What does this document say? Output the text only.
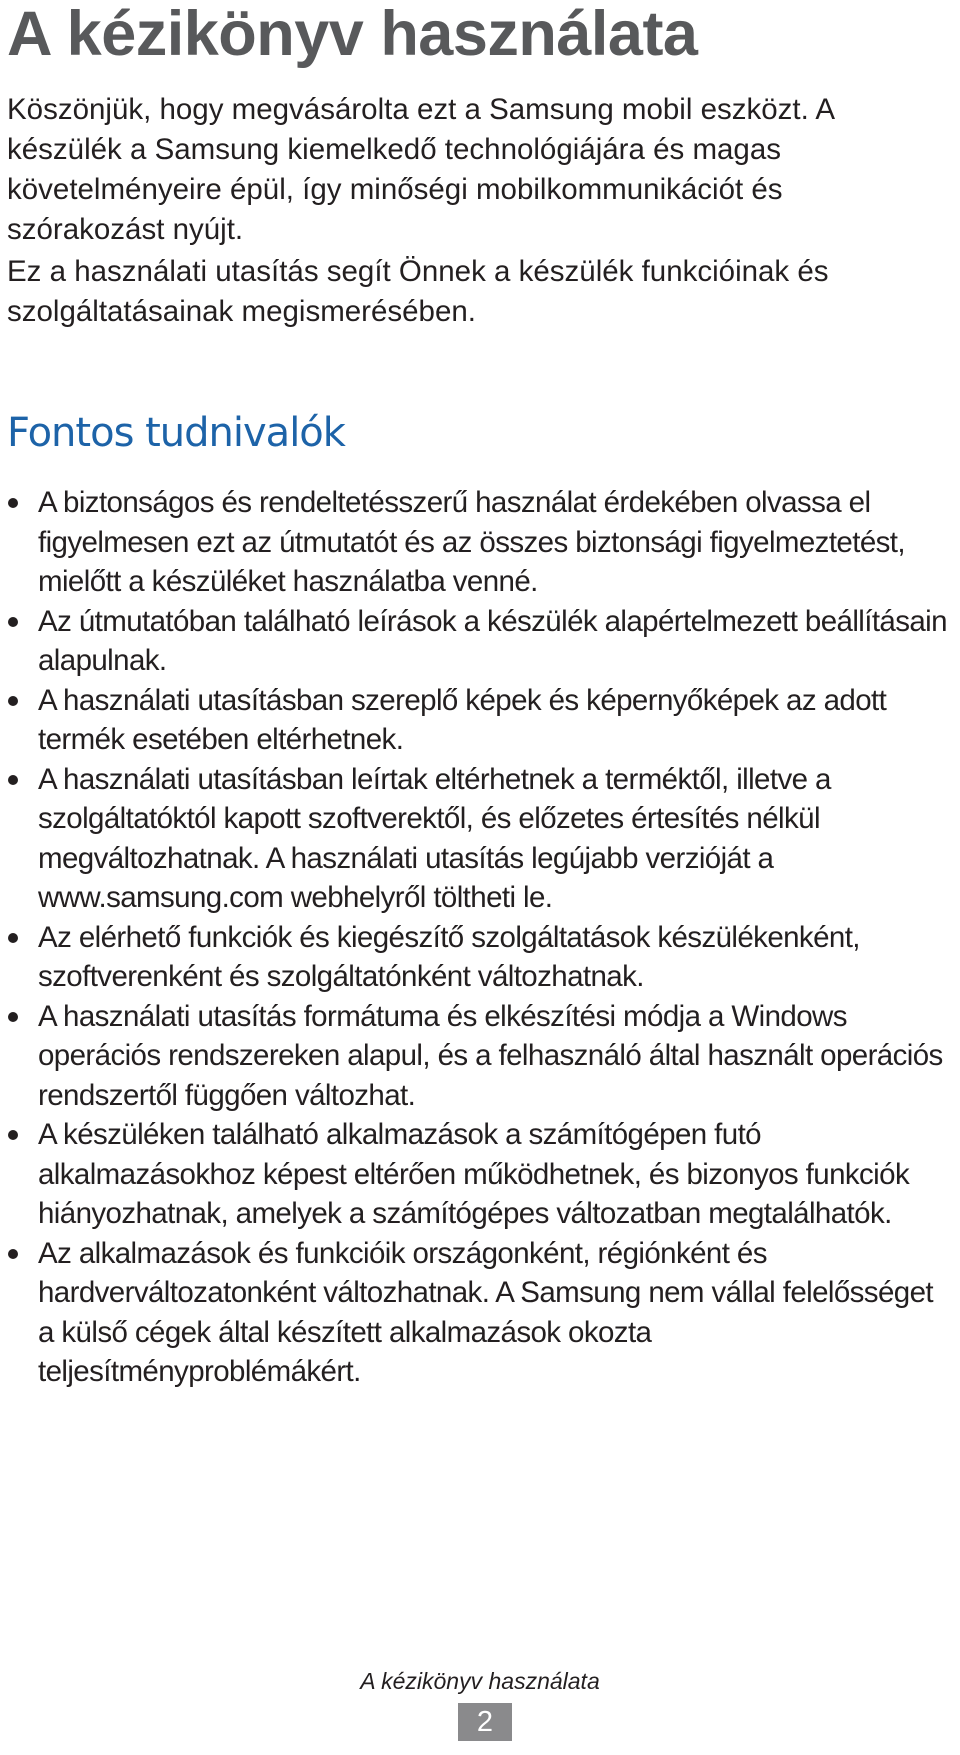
A kézikönyv használata

Köszönjük, hogy megvásárolta ezt a Samsung mobil eszközt. A készülék a Samsung kiemelkedő technológiájára és magas követelményeire épül, így minőségi mobilkommunikációt és szórakozást nyújt.

Ez a használati utasítás segít Önnek a készülék funkcióinak és szolgáltatásainak megismerésében.

Fontos tudnivalók
A biztonságos és rendeltetésszerű használat érdekében olvassa el figyelmesen ezt az útmutatót és az összes biztonsági figyelmeztetést, mielőtt a készüléket használatba venné.
Az útmutatóban található leírások a készülék alapértelmezett beállításain alapulnak.
A használati utasításban szereplő képek és képernyőképek az adott termék esetében eltérhetnek.
A használati utasításban leírtak eltérhetnek a terméktől, illetve a szolgáltatóktól kapott szoftverektől, és előzetes értesítés nélkül megváltozhatnak. A használati utasítás legújabb verzióját a www.samsung.com webhelyről töltheti le.
Az elérhető funkciók és kiegészítő szolgáltatások készülékenként, szoftverenként és szolgáltatónként változhatnak.
A használati utasítás formátuma és elkészítési módja a Windows operációs rendszereken alapul, és a felhasználó által használt operációs rendszertől függően változhat.
A készüléken található alkalmazások a számítógépen futó alkalmazásokhoz képest eltérően működhetnek, és bizonyos funkciók hiányozhatnak, amelyek a számítógépes változatban megtalálhatók.
Az alkalmazások és funkcióik országonként, régiónként és hardverváltozatonként változhatnak. A Samsung nem vállal felelősséget a külső cégek által készített alkalmazások okozta teljesítményproblémákért.
A kézikönyv használata
2
